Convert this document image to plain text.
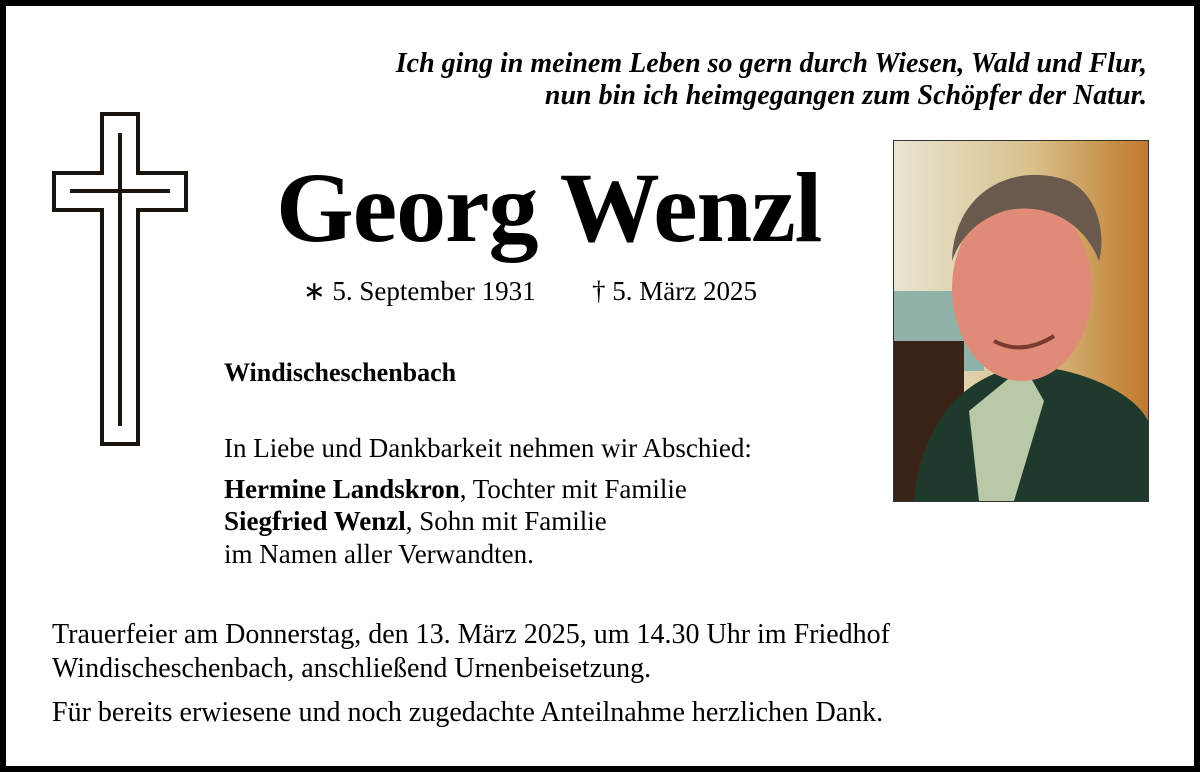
Ich ging in meinem Leben so gern durch Wiesen, Wald und Flur,
nun bin ich heimgegangen zum Schöpfer der Natur.
Georg Wenzl
∗ 5. September 1931 † 5. März 2025
Windischeschenbach
In Liebe und Dankbarkeit nehmen wir Abschied:
Hermine Landskron, Tochter mit Familie
Siegfried Wenzl, Sohn mit Familie
im Namen aller Verwandten.
Trauerfeier am Donnerstag, den 13. März 2025, um 14.30 Uhr im Friedhof
Windischeschenbach, anschließend Urnenbeisetzung.
Für bereits erwiesene und noch zugedachte Anteilnahme herzlichen Dank.
